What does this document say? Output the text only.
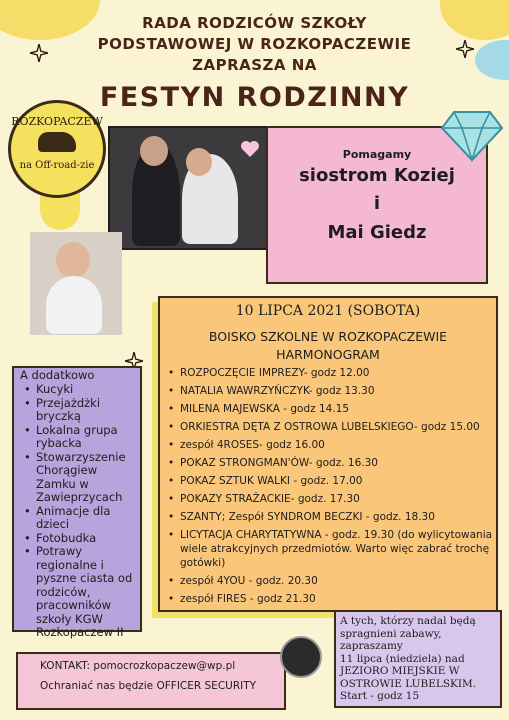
RADA RODZICÓW SZKOŁY
PODSTAWOWEJ W ROZKOPACZEWIE
ZAPRASZA NA
FESTYN RODZINNY
ROZKOPACZEW
na Off-road-zie
Pomagamy
siostrom Koziej
i
Mai Giedz
10 LIPCA 2021 (SOBOTA)
BOISKO SZKOLNE W ROZKOPACZEWIE
HARMONOGRAM
• ROZPOCZĘCIE IMPREZY- godz 12.00
• NATALIA WAWRZYŃCZYK- godz 13.30
• MILENA MAJEWSKA - godz 14.15
• ORKIESTRA DĘTA Z OSTROWA LUBELSKIEGO- godz 15.00
• zespół 4ROSES- godz 16.00
• POKAZ STRONGMAN'ÓW- godz. 16.30
• POKAZ SZTUK WALKI - godz. 17.00
• POKAZY STRAŻACKIE- godz. 17.30
• SZANTY; Zespół SYNDROM BECZKI - godz. 18.30
• LICYTACJA CHARYTATYWNA - godz. 19.30 (do wylicytowania wiele atrakcyjnych przedmiotów. Warto więc zabrać trochę gotówki)
• zespół 4YOU - godz. 20.30
• zespół FIRES - godz 21.30
A dodatkowo
• Kucyki
• Przejażdżki bryczką
• Lokalna grupa rybacka
• Stowarzyszenie Chorągiew Zamku w Zawieprzycach
• Animacje dla dzieci
• Fotobudka
• Potrawy regionalne i pyszne ciasta od rodziców, pracowników szkoły KGW Rozkopaczew II
KONTAKT: pomocrozkopaczew@wp.pl
Ochraniać nas będzie OFFICER SECURITY
A tych, którzy nadal będą
spragnieni zabawy,
zapraszamy
11 lipca (niedziela) nad
JEZIORO MIEJSKIE W
OSTROWIE LUBELSKIM.
Start - godz 15
